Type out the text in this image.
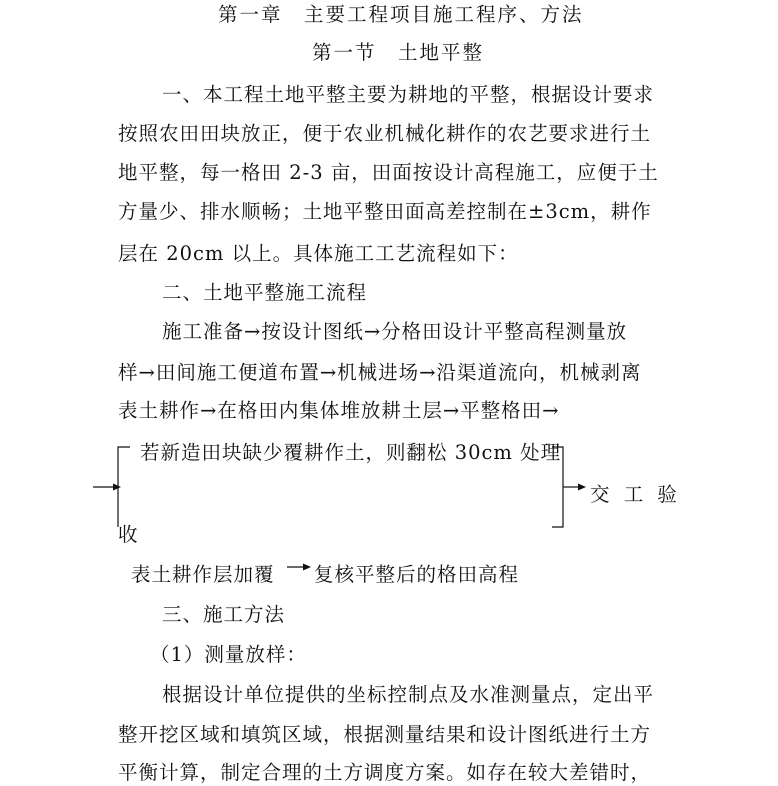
第一章　主要工程项目施工程序、方法
第一节　土地平整
一、本工程土地平整主要为耕地的平整，根据设计要求
按照农田田块放正，便于农业机械化耕作的农艺要求进行土
地平整，每一格田 2-3 亩，田面按设计高程施工，应便于土
方量少、排水顺畅；土地平整田面高差控制在±3cm，耕作
层在 20cm 以上。具体施工工艺流程如下：
二、土地平整施工流程
施工准备→按设计图纸→分格田设计平整高程测量放
样→田间施工便道布置→机械进场→沿渠道流向，机械剥离
表土耕作→在格田内集体堆放耕土层→平整格田→
若新造田块缺少覆耕作土，则翻松 30cm 处理
交 工 验
收
表土耕作层加覆 复核平整后的格田高程
三、施工方法
（1）测量放样：
根据设计单位提供的坐标控制点及水准测量点，定出平
整开挖区域和填筑区域，根据测量结果和设计图纸进行土方
平衡计算，制定合理的土方调度方案。如存在较大差错时，
